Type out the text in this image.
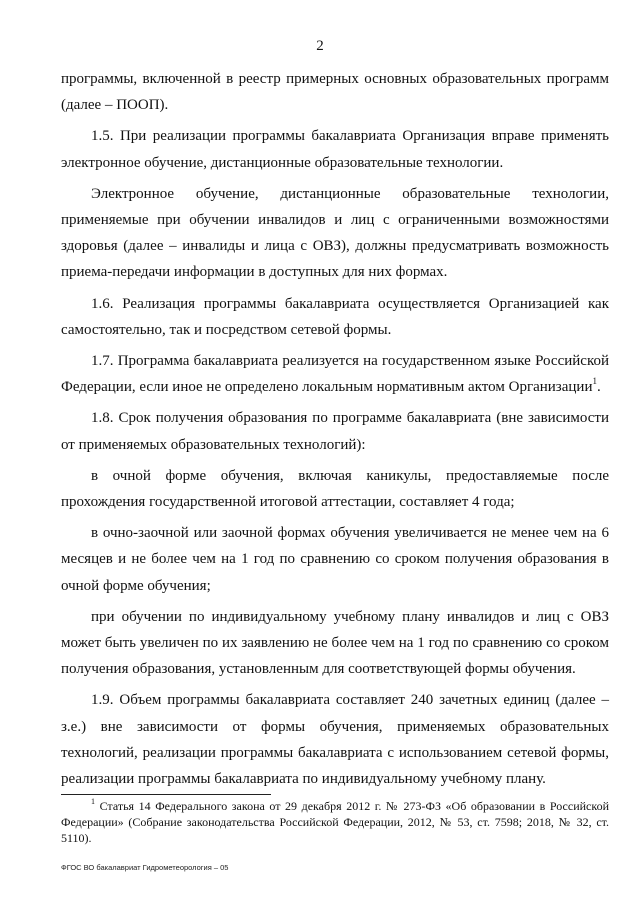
2

программы, включенной в реестр примерных основных образовательных программ (далее – ПООП).

1.5. При реализации программы бакалавриата Организация вправе применять электронное обучение, дистанционные образовательные технологии.

Электронное обучение, дистанционные образовательные технологии, применяемые при обучении инвалидов и лиц с ограниченными возможностями здоровья (далее – инвалиды и лица с ОВЗ), должны предусматривать возможность приема-передачи информации в доступных для них формах.

1.6. Реализация программы бакалавриата осуществляется Организацией как самостоятельно, так и посредством сетевой формы.

1.7. Программа бакалавриата реализуется на государственном языке Российской Федерации, если иное не определено локальным нормативным актом Организации$^1$.

1.8. Срок получения образования по программе бакалавриата (вне зависимости от применяемых образовательных технологий):

в очной форме обучения, включая каникулы, предоставляемые после прохождения государственной итоговой аттестации, составляет 4 года;

в очно-заочной или заочной формах обучения увеличивается не менее чем на 6 месяцев и не более чем на 1 год по сравнению со сроком получения образования в очной форме обучения;

при обучении по индивидуальному учебному плану инвалидов и лиц с ОВЗ может быть увеличен по их заявлению не более чем на 1 год по сравнению со сроком получения образования, установленным для соответствующей формы обучения.

1.9. Объем программы бакалавриата составляет 240 зачетных единиц (далее – з.е.) вне зависимости от формы обучения, применяемых образовательных технологий, реализации программы бакалавриата с использованием сетевой формы, реализации программы бакалавриата по индивидуальному учебному плану.

$^1$ Статья 14 Федерального закона от 29 декабря 2012 г. № 273-ФЗ «Об образовании в Российской Федерации» (Собрание законодательства Российской Федерации, 2012, № 53, ст. 7598; 2018, № 32, ст. 5110).

ФГОС ВО бакалавриат Гидрометеорология – 05
